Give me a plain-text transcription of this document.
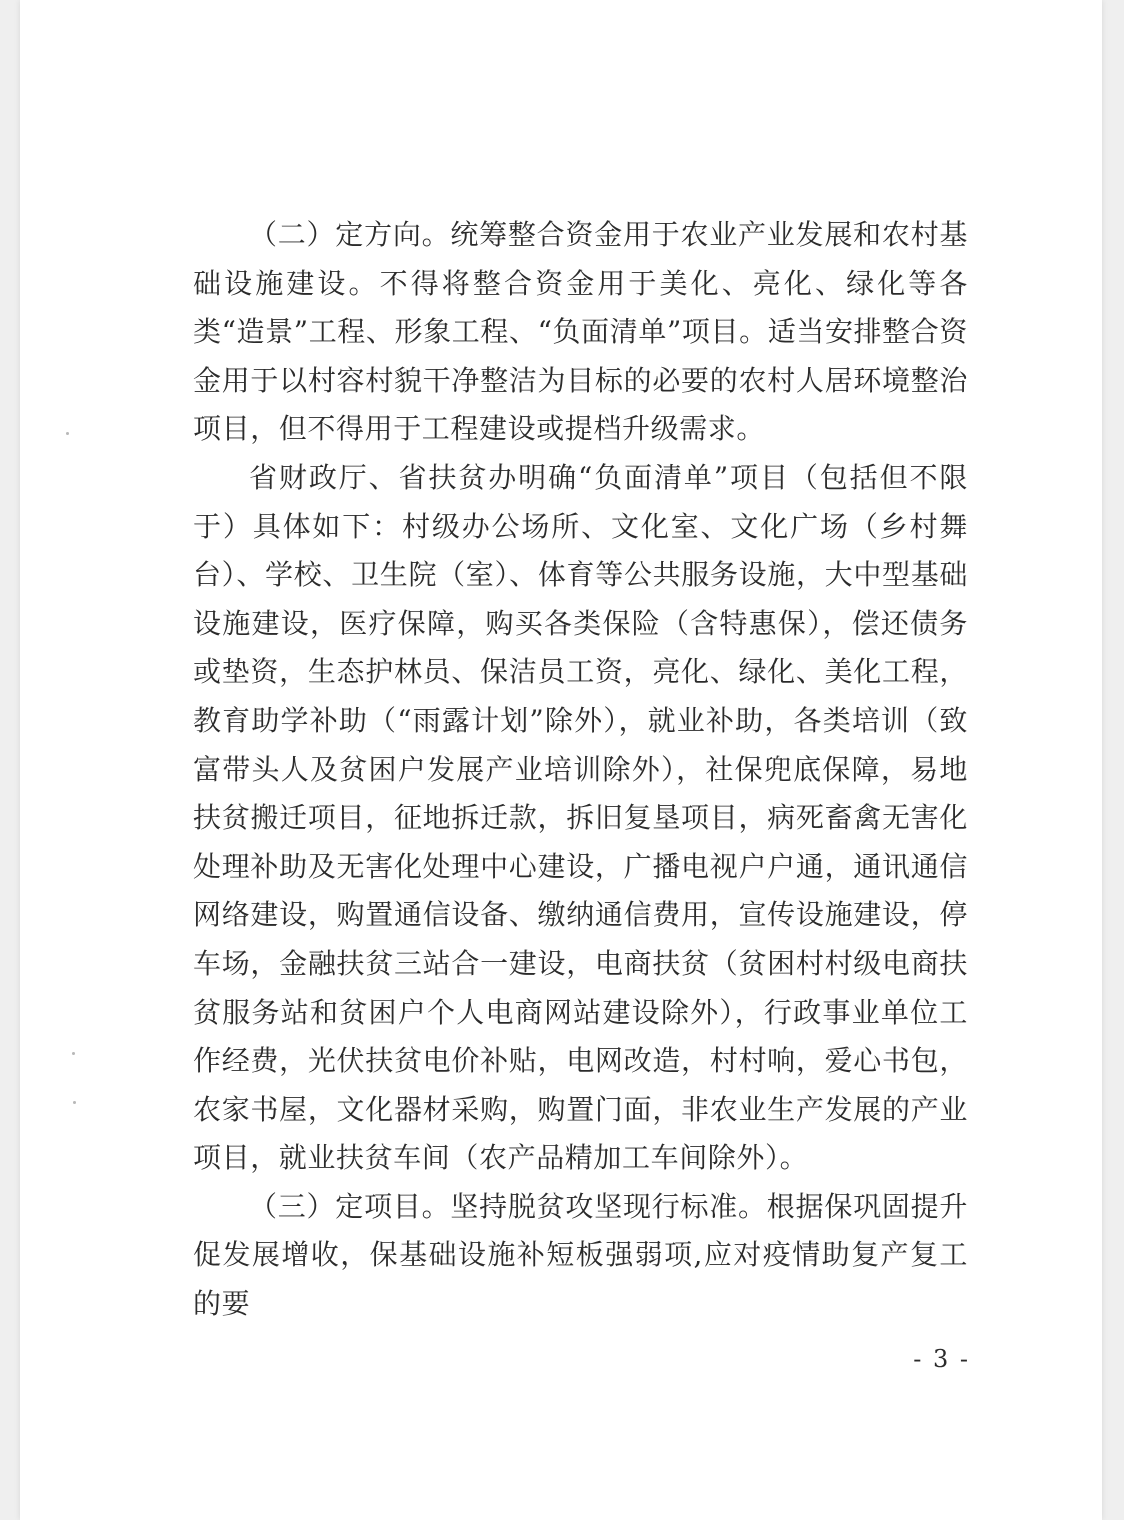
（二）定方向。统筹整合资金用于农业产业发展和农村基础设施建设。不得将整合资金用于美化、亮化、绿化等各类“造景”工程、形象工程、“负面清单”项目。适当安排整合资金用于以村容村貌干净整洁为目标的必要的农村人居环境整治项目，但不得用于工程建设或提档升级需求。

省财政厅、省扶贫办明确“负面清单”项目（包括但不限于）具体如下：村级办公场所、文化室、文化广场（乡村舞台）、学校、卫生院（室）、体育等公共服务设施，大中型基础设施建设，医疗保障，购买各类保险（含特惠保），偿还债务或垫资，生态护林员、保洁员工资，亮化、绿化、美化工程，教育助学补助（“雨露计划”除外），就业补助，各类培训（致富带头人及贫困户发展产业培训除外），社保兜底保障，易地扶贫搬迁项目，征地拆迁款，拆旧复垦项目，病死畜禽无害化处理补助及无害化处理中心建设，广播电视户户通，通讯通信网络建设，购置通信设备、缴纳通信费用，宣传设施建设，停车场，金融扶贫三站合一建设，电商扶贫（贫困村村级电商扶贫服务站和贫困户个人电商网站建设除外），行政事业单位工作经费，光伏扶贫电价补贴，电网改造，村村响，爱心书包，农家书屋，文化器材采购，购置门面，非农业生产发展的产业项目，就业扶贫车间（农产品精加工车间除外）。

（三）定项目。坚持脱贫攻坚现行标准。根据保巩固提升促发展增收，保基础设施补短板强弱项,应对疫情助复产复工的要

- 3 -
